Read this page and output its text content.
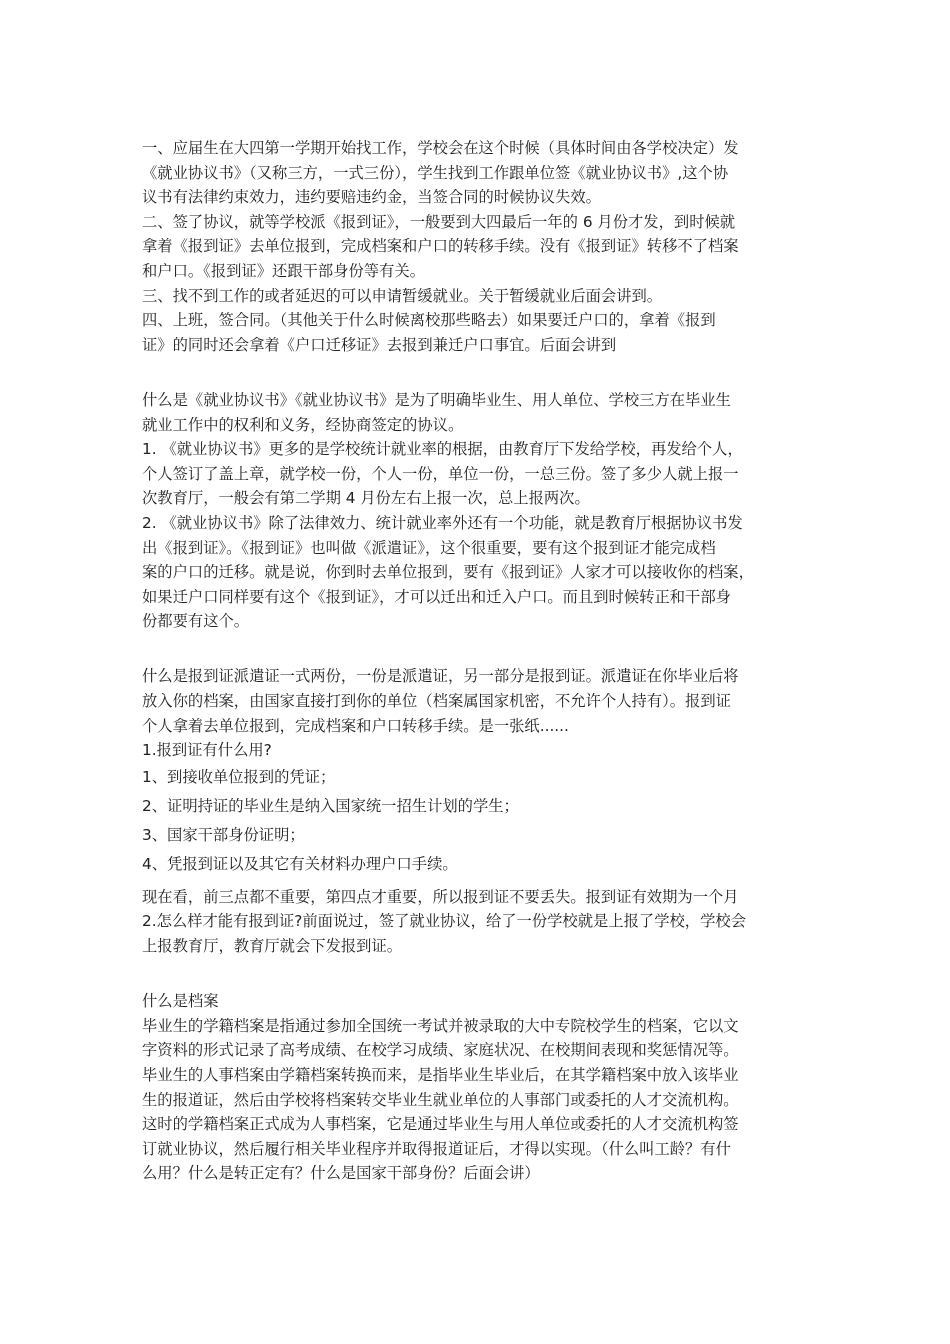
一、应届生在大四第一学期开始找工作，学校会在这个时候（具体时间由各学校决定）发
《就业协议书》（又称三方，一式三份），学生找到工作跟单位签《就业协议书》,这个协
议书有法律约束效力，违约要赔违约金，当签合同的时候协议失效。
二、签了协议，就等学校派《报到证》，一般要到大四最后一年的 6 月份才发，到时候就
拿着《报到证》去单位报到，完成档案和户口的转移手续。没有《报到证》转移不了档案
和户口。《报到证》还跟干部身份等有关。
三、找不到工作的或者延迟的可以申请暂缓就业。关于暂缓就业后面会讲到。
四、上班，签合同。（其他关于什么时候离校那些略去）如果要迁户口的，拿着《报到
证》的同时还会拿着《户口迁移证》去报到兼迁户口事宜。后面会讲到
什么是《就业协议书》《就业协议书》是为了明确毕业生、用人单位、学校三方在毕业生
就业工作中的权利和义务，经协商签定的协议。
1. 《就业协议书》更多的是学校统计就业率的根据，由教育厅下发给学校，再发给个人，
个人签订了盖上章，就学校一份，个人一份，单位一份，一总三份。签了多少人就上报一
次教育厅，一般会有第二学期 4 月份左右上报一次，总上报两次。
2. 《就业协议书》除了法律效力、统计就业率外还有一个功能，就是教育厅根据协议书发
出《报到证》。《报到证》也叫做《派遣证》，这个很重要，要有这个报到证才能完成档
案的户口的迁移。就是说，你到时去单位报到，要有《报到证》人家才可以接收你的档案，
如果迁户口同样要有这个《报到证》，才可以迁出和迁入户口。而且到时候转正和干部身
份都要有这个。
什么是报到证派遣证一式两份，一份是派遣证，另一部分是报到证。派遣证在你毕业后将
放入你的档案，由国家直接打到你的单位（档案属国家机密，不允许个人持有）。报到证
个人拿着去单位报到，完成档案和户口转移手续。是一张纸......
1.报到证有什么用?
1、到接收单位报到的凭证；
2、证明持证的毕业生是纳入国家统一招生计划的学生；
3、国家干部身份证明；
4、凭报到证以及其它有关材料办理户口手续。
现在看，前三点都不重要，第四点才重要，所以报到证不要丢失。报到证有效期为一个月
2.怎么样才能有报到证?前面说过，签了就业协议，给了一份学校就是上报了学校，学校会
上报教育厅，教育厅就会下发报到证。
什么是档案
毕业生的学籍档案是指通过参加全国统一考试并被录取的大中专院校学生的档案，它以文
字资料的形式记录了高考成绩、在校学习成绩、家庭状况、在校期间表现和奖惩情况等。
毕业生的人事档案由学籍档案转换而来，是指毕业生毕业后，在其学籍档案中放入该毕业
生的报道证，然后由学校将档案转交毕业生就业单位的人事部门或委托的人才交流机构。
这时的学籍档案正式成为人事档案，它是通过毕业生与用人单位或委托的人才交流机构签
订就业协议，然后履行相关毕业程序并取得报道证后，才得以实现。（什么叫工龄？有什
么用？什么是转正定有？什么是国家干部身份？后面会讲）
